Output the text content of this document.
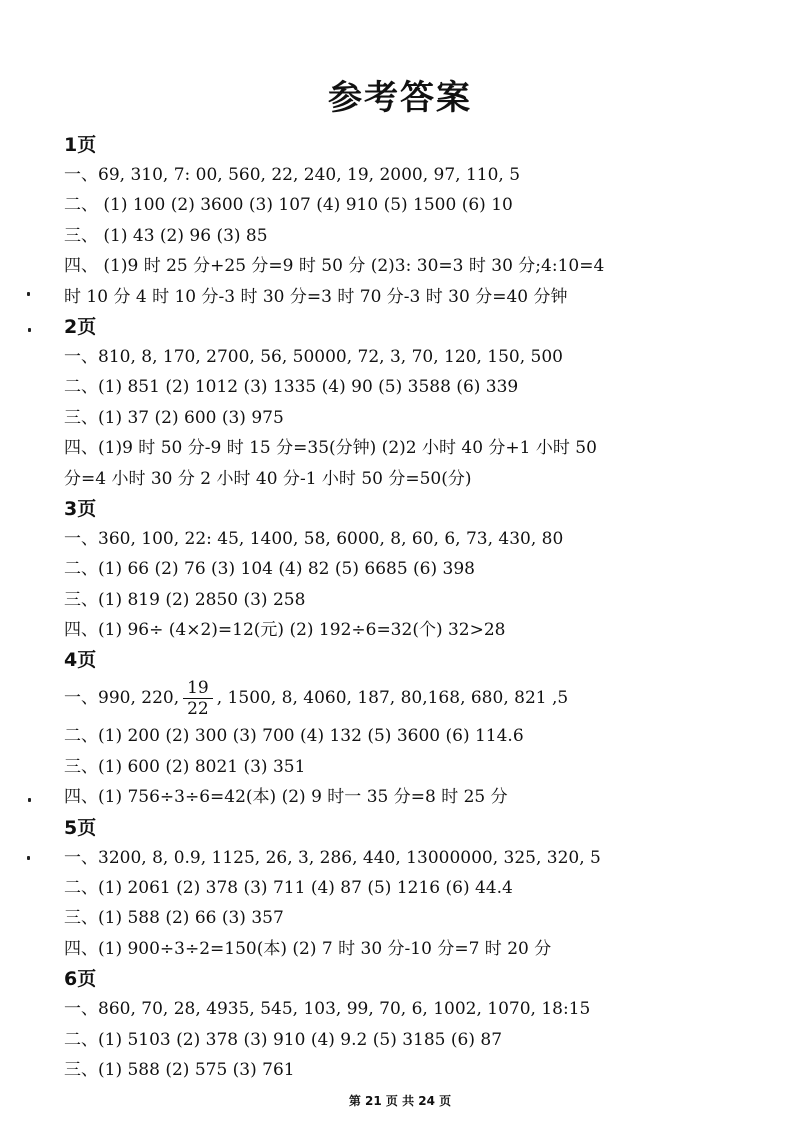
参考答案
1页
一、69, 310, 7: 00, 560, 22, 240, 19, 2000, 97, 110, 5
二、 (1) 100 (2) 3600 (3) 107 (4) 910 (5) 1500 (6) 10
三、 (1) 43 (2) 96 (3) 85
四、 (1)9 时 25 分+25 分=9 时 50 分 (2)3: 30=3 时 30 分;4:10=4
时 10 分 4 时 10 分-3 时 30 分=3 时 70 分-3 时 30 分=40 分钟
2页
一、810, 8, 170, 2700, 56, 50000, 72, 3, 70, 120, 150, 500
二、(1) 851 (2) 1012 (3) 1335 (4) 90 (5) 3588 (6) 339
三、(1) 37 (2) 600 (3) 975
四、(1)9 时 50 分-9 时 15 分=35(分钟) (2)2 小时 40 分+1 小时 50
分=4 小时 30 分 2 小时 40 分-1 小时 50 分=50(分)
3页
一、360, 100, 22: 45, 1400, 58, 6000, 8, 60, 6, 73, 430, 80
二、(1) 66 (2) 76 (3) 104 (4) 82 (5) 6685 (6) 398
三、(1) 819 (2) 2850 (3) 258
四、(1) 96÷ (4×2)=12(元) (2) 192÷6=32(个) 32>28
4页
一、990, 220, $\frac{19}{22}$ , 1500, 8, 4060, 187, 80,168, 680, 821 ,5
二、(1) 200 (2) 300 (3) 700 (4) 132 (5) 3600 (6) 114.6
三、(1) 600 (2) 8021 (3) 351
四、(1) 756÷3÷6=42(本) (2) 9 时一 35 分=8 时 25 分
5页
一、3200, 8, 0.9, 1125, 26, 3, 286, 440, 13000000, 325, 320, 5
二、(1) 2061 (2) 378 (3) 711 (4) 87 (5) 1216 (6) 44.4
三、(1) 588 (2) 66 (3) 357
四、(1) 900÷3÷2=150(本) (2) 7 时 30 分-10 分=7 时 20 分
6页
一、860, 70, 28, 4935, 545, 103, 99, 70, 6, 1002, 1070, 18:15
二、(1) 5103 (2) 378 (3) 910 (4) 9.2 (5) 3185 (6) 87
三、(1) 588 (2) 575 (3) 761
第 21 页 共 24 页
